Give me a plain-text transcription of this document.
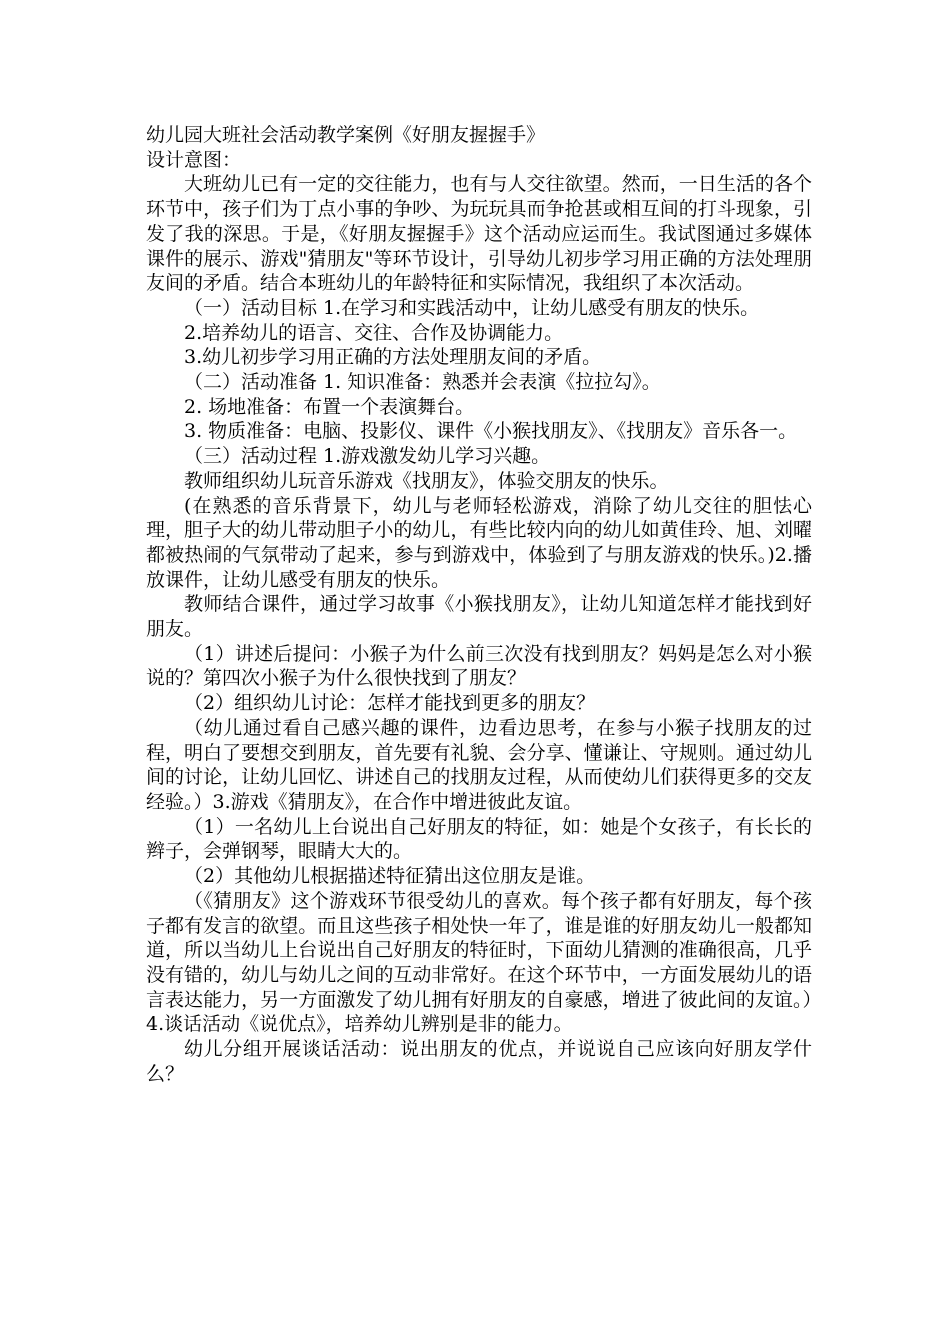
幼儿园大班社会活动教学案例《好朋友握握手》

设计意图：

大班幼儿已有一定的交往能力，也有与人交往欲望。然而，一日生活的各个环节中，孩子们为丁点小事的争吵、为玩玩具而争抢甚或相互间的打斗现象，引发了我的深思。于是，《好朋友握握手》这个活动应运而生。我试图通过多媒体课件的展示、游戏"猜朋友"等环节设计，引导幼儿初步学习用正确的方法处理朋友间的矛盾。结合本班幼儿的年龄特征和实际情况，我组织了本次活动。

（一）活动目标 1.在学习和实践活动中，让幼儿感受有朋友的快乐。

2.培养幼儿的语言、交往、合作及协调能力。

3.幼儿初步学习用正确的方法处理朋友间的矛盾。

（二）活动准备 1. 知识准备：熟悉并会表演《拉拉勾》。

2. 场地准备：布置一个表演舞台。

3. 物质准备：电脑、投影仪、课件《小猴找朋友》、《找朋友》音乐各一。

（三）活动过程 1.游戏激发幼儿学习兴趣。

教师组织幼儿玩音乐游戏《找朋友》，体验交朋友的快乐。

(在熟悉的音乐背景下，幼儿与老师轻松游戏，消除了幼儿交往的胆怯心理，胆子大的幼儿带动胆子小的幼儿，有些比较内向的幼儿如黄佳玲、旭、刘曜都被热闹的气氛带动了起来，参与到游戏中，体验到了与朋友游戏的快乐。)2.播放课件，让幼儿感受有朋友的快乐。

教师结合课件，通过学习故事《小猴找朋友》，让幼儿知道怎样才能找到好朋友。

（1）讲述后提问：小猴子为什么前三次没有找到朋友？妈妈是怎么对小猴说的？第四次小猴子为什么很快找到了朋友？

（2）组织幼儿讨论：怎样才能找到更多的朋友？

（幼儿通过看自己感兴趣的课件，边看边思考，在参与小猴子找朋友的过程，明白了要想交到朋友，首先要有礼貌、会分享、懂谦让、守规则。通过幼儿间的讨论，让幼儿回忆、讲述自己的找朋友过程，从而使幼儿们获得更多的交友经验。）3.游戏《猜朋友》，在合作中增进彼此友谊。

（1）一名幼儿上台说出自己好朋友的特征，如：她是个女孩子，有长长的辫子，会弹钢琴，眼睛大大的。

（2）其他幼儿根据描述特征猜出这位朋友是谁。

（《猜朋友》这个游戏环节很受幼儿的喜欢。每个孩子都有好朋友，每个孩子都有发言的欲望。而且这些孩子相处快一年了，谁是谁的好朋友幼儿一般都知道，所以当幼儿上台说出自己好朋友的特征时，下面幼儿猜测的准确很高，几乎没有错的，幼儿与幼儿之间的互动非常好。在这个环节中，一方面发展幼儿的语言表达能力，另一方面激发了幼儿拥有好朋友的自豪感，增进了彼此间的友谊。）4.谈话活动《说优点》，培养幼儿辨别是非的能力。

幼儿分组开展谈话活动：说出朋友的优点，并说说自己应该向好朋友学什么？
